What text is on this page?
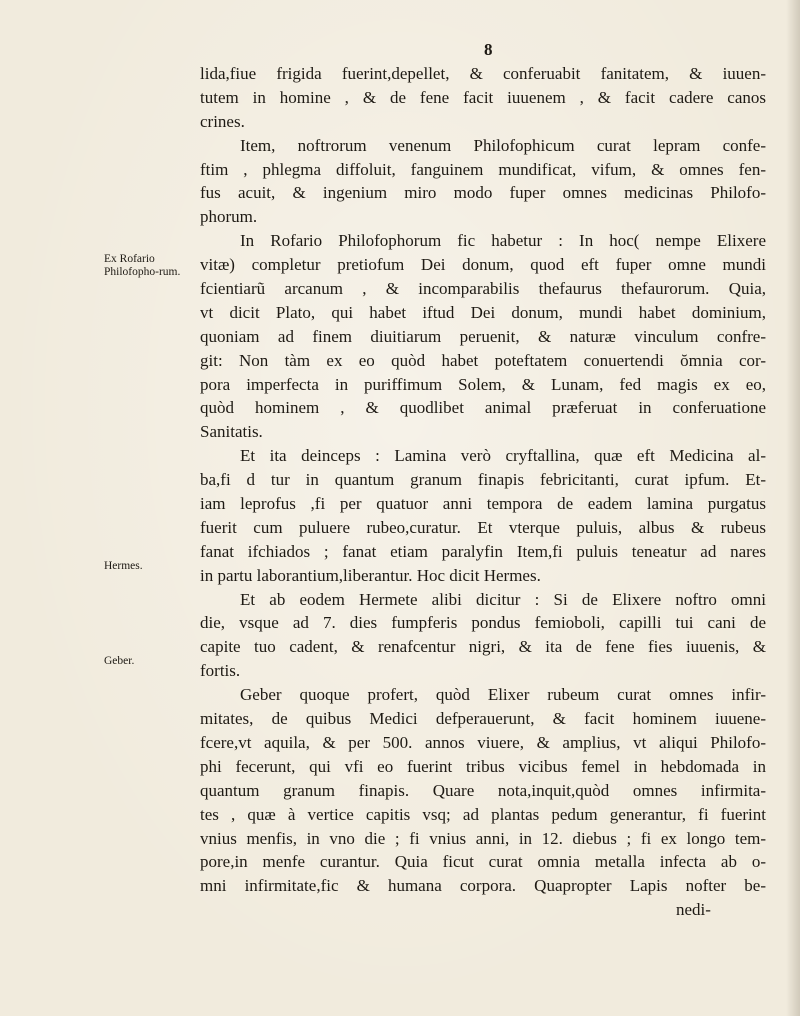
8
Ex Rofario Philofopho-rum.
Hermes.
Geber.
lida,fiue frigida fuerint,depellet, & conferuabit fanitatem, & iuuen-
tutem in homine , & de fene facit iuuenem , & facit cadere canos
crines.
Item, noftrorum venenum Philofophicum curat lepram confe-
ftim , phlegma diffoluit, fanguinem mundificat, vifum, & omnes fen-
fus acuit, & ingenium miro modo fuper omnes medicinas Philofo-
phorum.
In Rofario Philofophorum fic habetur : In hoc( nempe Elixere
vitæ) completur pretiofum Dei donum, quod eft fuper omne mundi
fcientiarũ arcanum , & incomparabilis thefaurus thefaurorum. Quia,
vt dicit Plato, qui habet iftud Dei donum, mundi habet dominium,
quoniam ad finem diuitiarum peruenit, & naturæ vinculum confre-
git: Non tàm ex eo quòd habet poteftatem conuertendi ŏmnia cor-
pora imperfecta in puriffimum Solem, & Lunam, fed magis ex eo,
quòd hominem , & quodlibet animal præferuat in conferuatione
Sanitatis.
Et ita deinceps : Lamina verò cryftallina, quæ eft Medicina al-
ba,fi d tur in quantum granum finapis febricitanti, curat ipfum. Et-
iam leprofus ,fi per quatuor anni tempora de eadem lamina purgatus
fuerit cum puluere rubeo,curatur. Et vterque puluis, albus & rubeus
fanat ifchiados ; fanat etiam paralyfin Item,fi puluis teneatur ad nares
in partu laborantium,liberantur. Hoc dicit Hermes.
Et ab eodem Hermete alibi dicitur : Si de Elixere noftro omni
die, vsque ad 7. dies fumpferis pondus femioboli, capilli tui cani de
capite tuo cadent, & renafcentur nigri, & ita de fene fies iuuenis, &
fortis.
Geber quoque profert, quòd Elixer rubeum curat omnes infir-
mitates, de quibus Medici defperauerunt, & facit hominem iuuene-
fcere,vt aquila, & per 500. annos viuere, & amplius, vt aliqui Philofo-
phi fecerunt, qui vfi eo fuerint tribus vicibus femel in hebdomada in
quantum granum finapis. Quare nota,inquit,quòd omnes infirmita-
tes , quæ à vertice capitis vsq; ad plantas pedum generantur, fi fuerint
vnius menfis, in vno die ; fi vnius anni, in 12. diebus ; fi ex longo tem-
pore,in menfe curantur. Quia ficut curat omnia metalla infecta ab o-
mni infirmitate,fic & humana corpora. Quapropter Lapis nofter be-
nedi-
